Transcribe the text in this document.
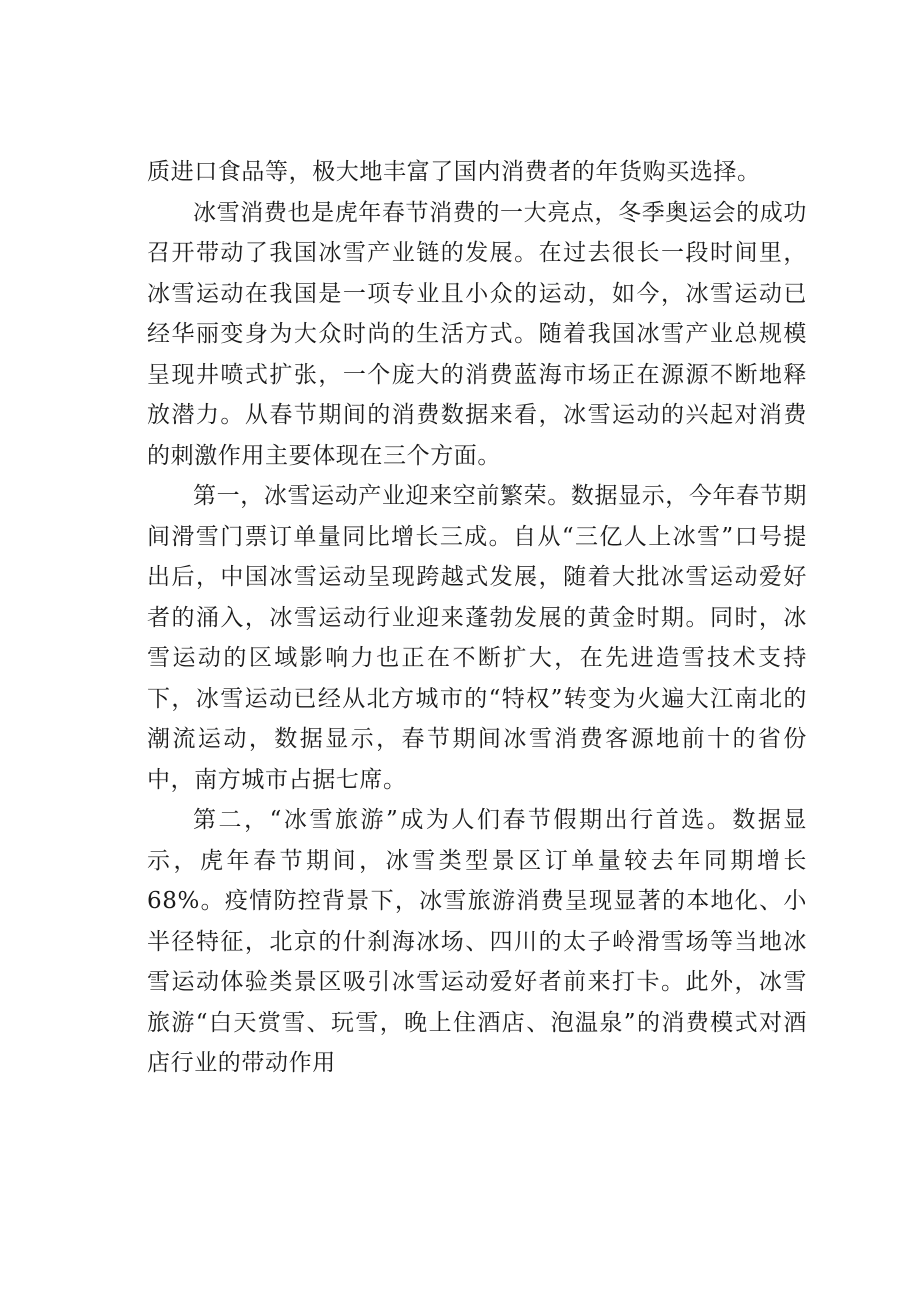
质进口食品等，极大地丰富了国内消费者的年货购买选择。

冰雪消费也是虎年春节消费的一大亮点，冬季奥运会的成功召开带动了我国冰雪产业链的发展。在过去很长一段时间里，冰雪运动在我国是一项专业且小众的运动，如今，冰雪运动已经华丽变身为大众时尚的生活方式。随着我国冰雪产业总规模呈现井喷式扩张，一个庞大的消费蓝海市场正在源源不断地释放潜力。从春节期间的消费数据来看，冰雪运动的兴起对消费的刺激作用主要体现在三个方面。

第一，冰雪运动产业迎来空前繁荣。数据显示，今年春节期间滑雪门票订单量同比增长三成。自从“三亿人上冰雪”口号提出后，中国冰雪运动呈现跨越式发展，随着大批冰雪运动爱好者的涌入，冰雪运动行业迎来蓬勃发展的黄金时期。同时，冰雪运动的区域影响力也正在不断扩大，在先进造雪技术支持下，冰雪运动已经从北方城市的“特权”转变为火遍大江南北的潮流运动，数据显示，春节期间冰雪消费客源地前十的省份中，南方城市占据七席。

第二，“冰雪旅游”成为人们春节假期出行首选。数据显示，虎年春节期间，冰雪类型景区订单量较去年同期增长68%。疫情防控背景下，冰雪旅游消费呈现显著的本地化、小半径特征，北京的什刹海冰场、四川的太子岭滑雪场等当地冰雪运动体验类景区吸引冰雪运动爱好者前来打卡。此外，冰雪旅游“白天赏雪、玩雪，晚上住酒店、泡温泉”的消费模式对酒店行业的带动作用
